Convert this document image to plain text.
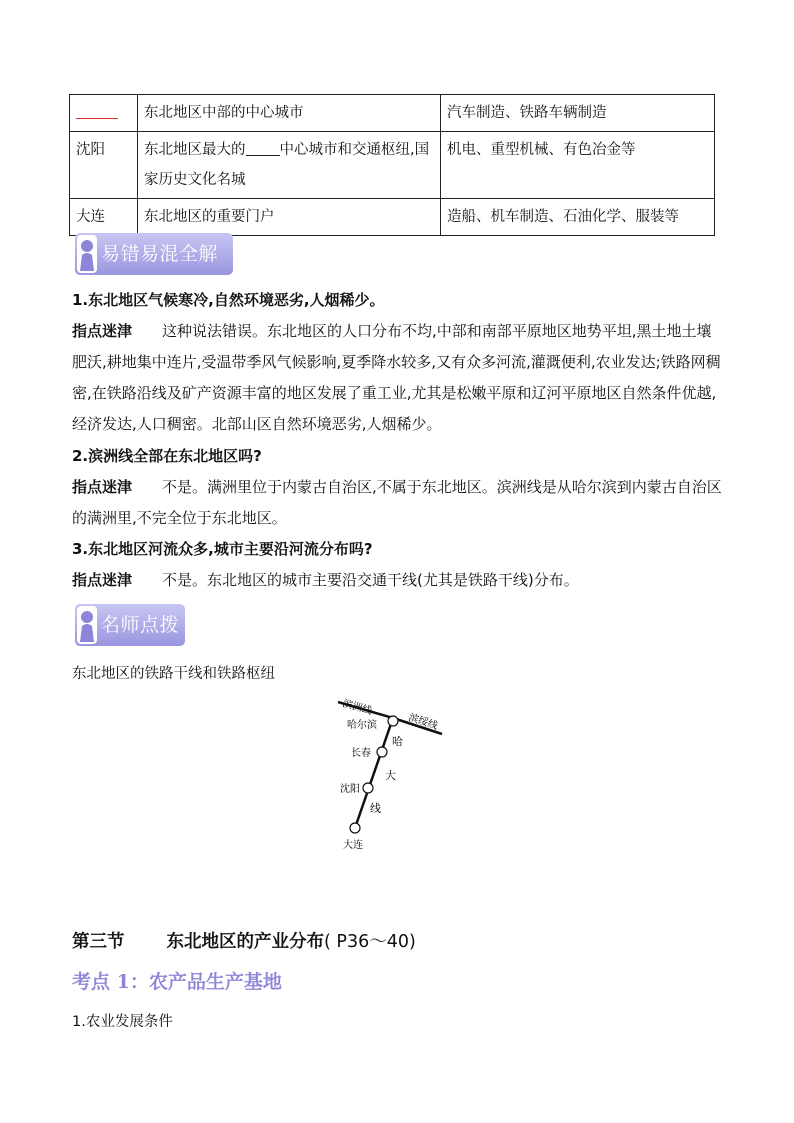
	东北地区中部的中心城市	汽车制造、铁路车辆制造
沈阳	东北地区最大的 中心城市和交通枢纽,国家历史文化名城	机电、重型机械、有色冶金等
大连	东北地区的重要门户	造船、机车制造、石油化学、服装等
易错易混全解
1.东北地区气候寒冷,自然环境恶劣,人烟稀少。
指点迷津 这种说法错误。东北地区的人口分布不均,中部和南部平原地区地势平坦,黑土地土壤肥沃,耕地集中连片,受温带季风气候影响,夏季降水较多,又有众多河流,灌溉便利,农业发达;铁路网稠密,在铁路沿线及矿产资源丰富的地区发展了重工业,尤其是松嫩平原和辽河平原地区自然条件优越,经济发达,人口稠密。北部山区自然环境恶劣,人烟稀少。
2.滨洲线全部在东北地区吗?
指点迷津 不是。满洲里位于内蒙古自治区,不属于东北地区。滨洲线是从哈尔滨到内蒙古自治区的满洲里,不完全位于东北地区。
3.东北地区河流众多,城市主要沿河流分布吗?
指点迷津 不是。东北地区的城市主要沿交通干线(尤其是铁路干线)分布。
名师点拨
东北地区的铁路干线和铁路枢纽
滨洲线
滨绥线
哈尔滨
长春
沈阳
大连
哈
大
线
第三节 东北地区的产业分布( P36～40)
考点 1：农产品生产基地
1.农业发展条件
